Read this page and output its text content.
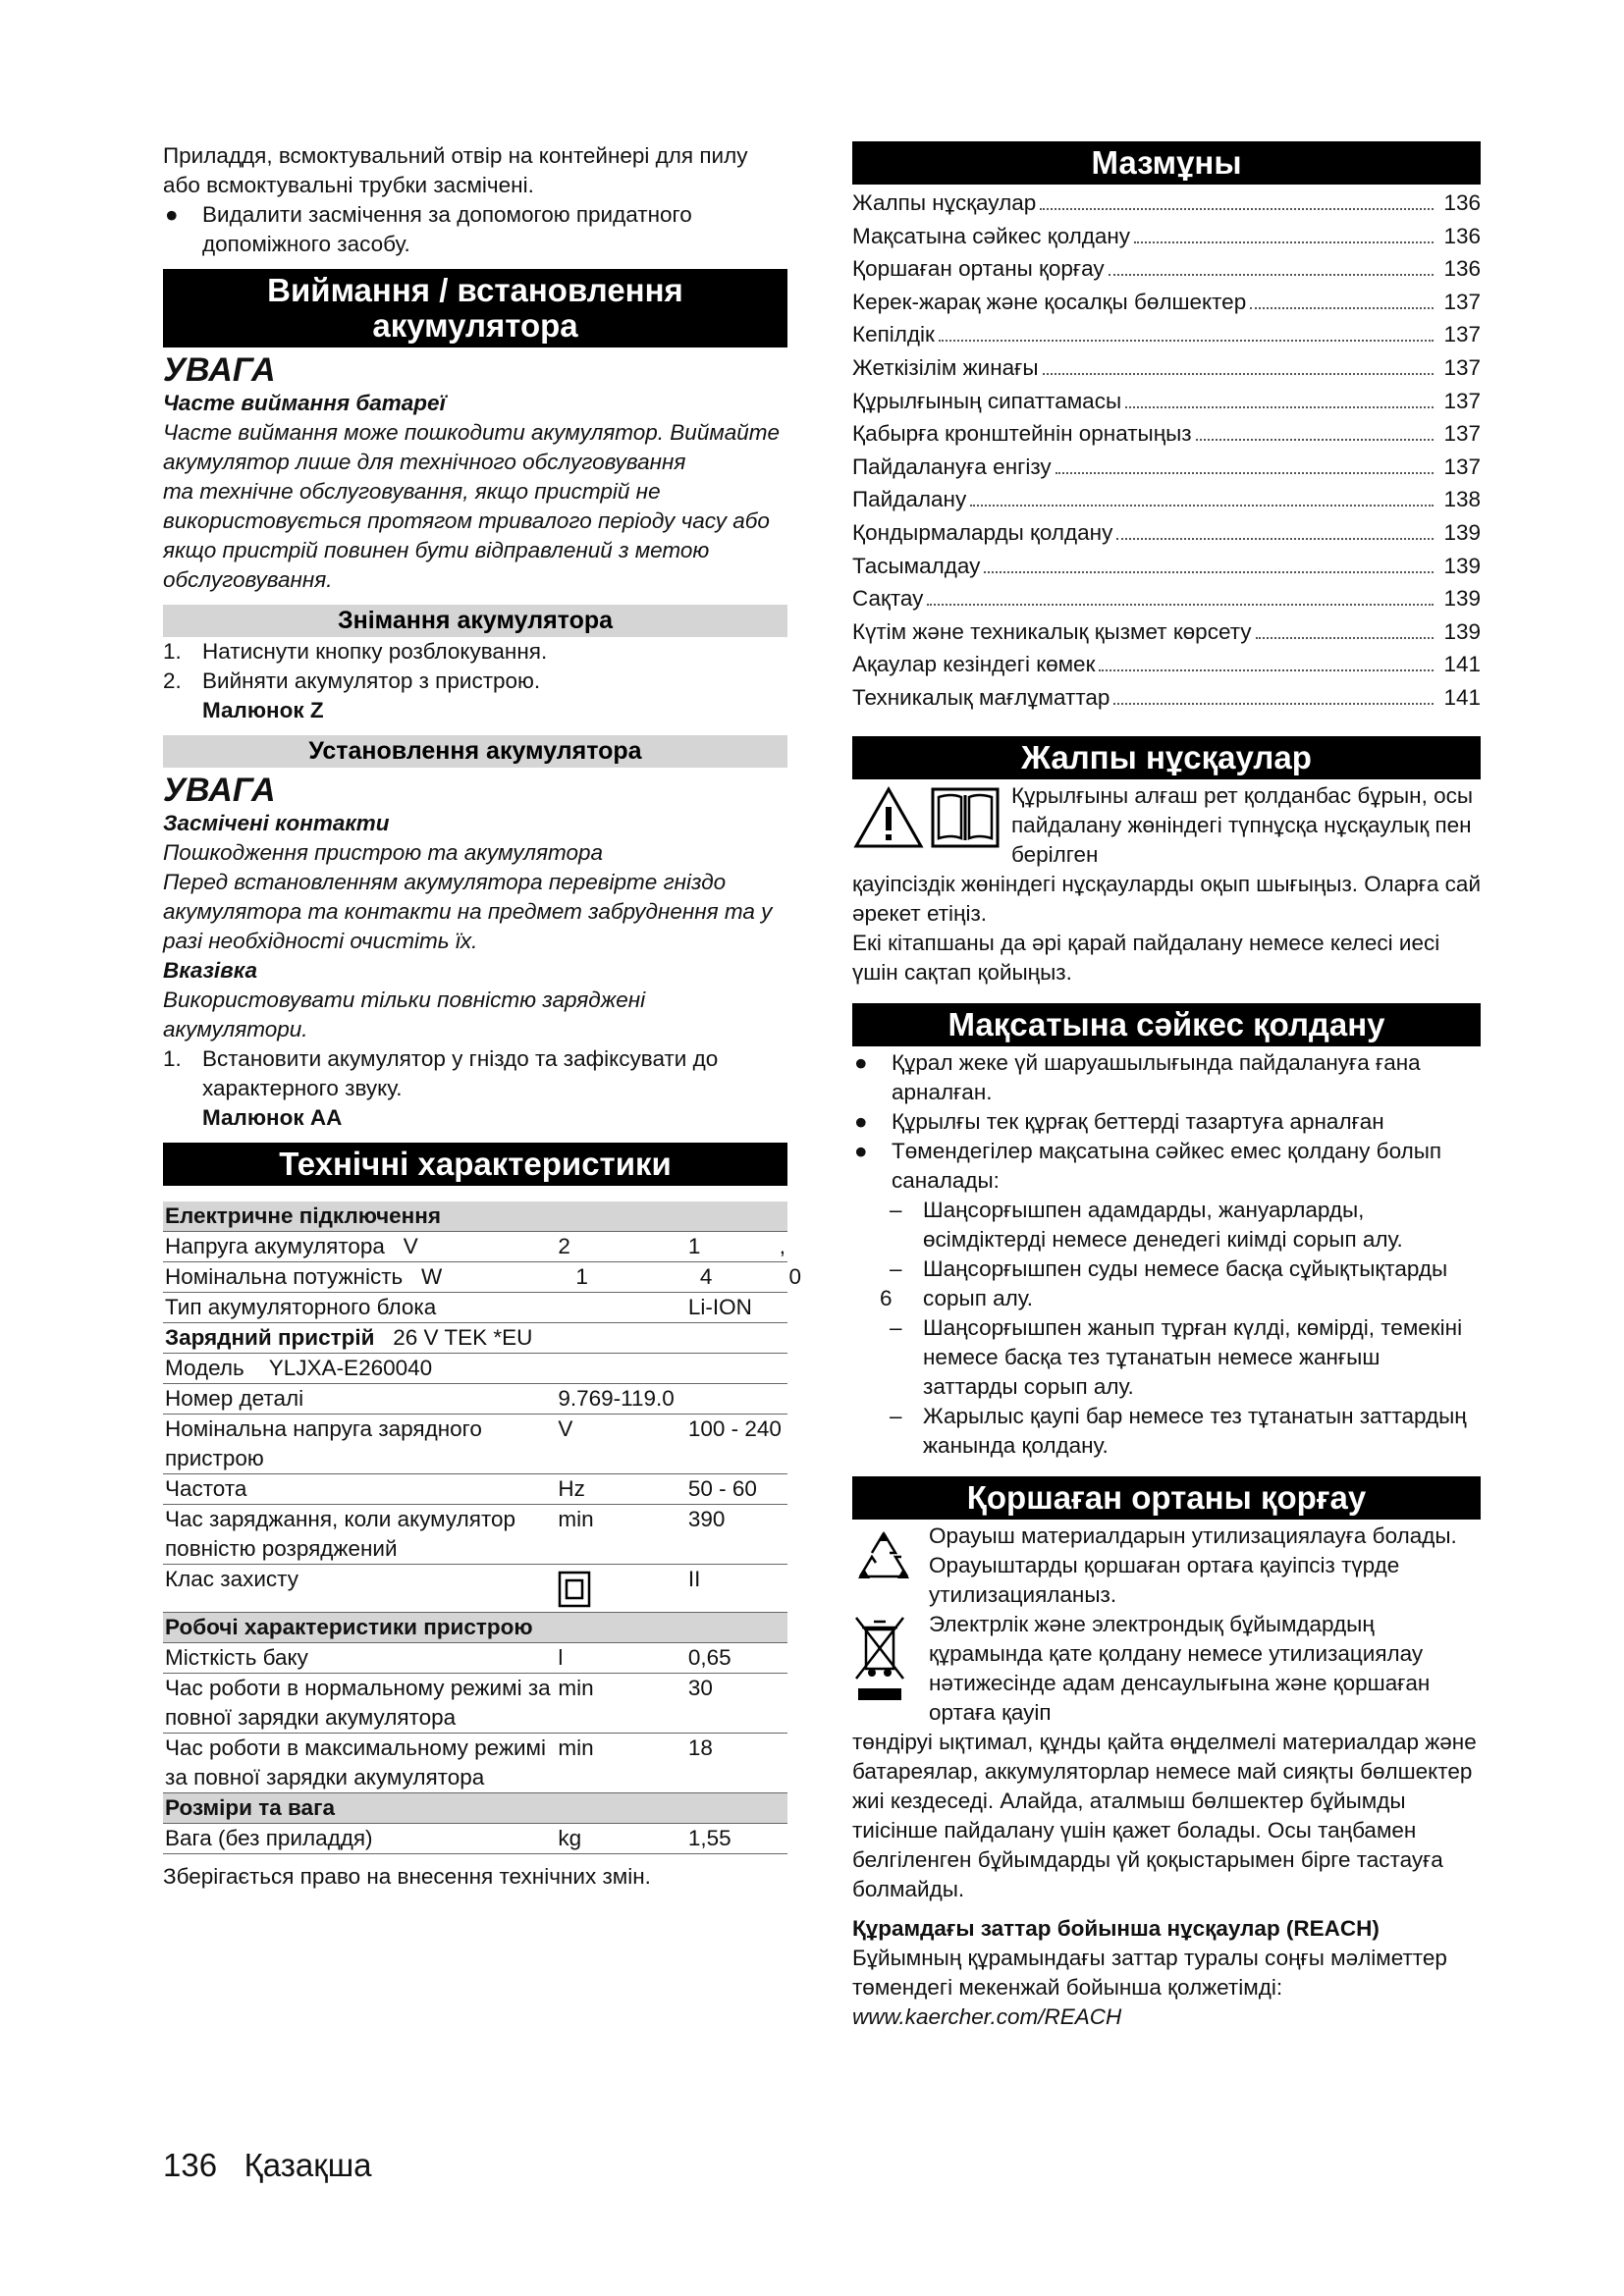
Приладдя, всмоктувальний отвір на контейнері для пилу або всмоктувальні трубки засмічені.

● Видалити засмічення за допомогою придатного допоміжного засобу.
Виймання / встановлення акумулятора
УВАГА
Часте виймання батареї

Часте виймання може пошкодити акумулятор. Виймайте акумулятор лише для технічного обслуговування

та технічне обслуговування, якщо пристрій не використовується протягом тривалого періоду часу або якщо пристрій повинен бути відправлений з метою обслуговування.

Знімання акумулятора
1. Натиснути кнопку розблокування.
2. Вийняти акумулятор з пристрою.
Малюнок Z
Установлення акумулятора
УВАГА
Засмічені контакти

Пошкодження пристрою та акумулятора

Перед встановленням акумулятора перевірте гніздо акумулятора та контакти на предмет забруднення та у разі необхідності очистіть їх.

Вказівка

Використовувати тільки повністю заряджені акумулятори.

1. Встановити акумулятор у гніздо та зафіксувати до характерного звуку.
Малюнок AA
Технічні характеристики
Електричне підключення		
Напруга акумулятора V	2	1 ,

Номінальна потужність W	1	4 0

Тип акумуляторного блока		Li-ION
Зарядний пристрій 26 V TEK *EU		
Модель YLJXA-E260040		
Номер деталі	9.769-119.0	
Номінальна напруга зарядного пристрою	V	100 - 240
Частота	Hz	50 - 60
Час заряджання, коли акумулятор повністю розряджений	min	390
Клас захисту		II
Робочі характеристики пристрою		
Місткість баку	l	0,65
Час роботи в нормальному режимі за повної зарядки акумулятора	min	30
Час роботи в максимальному режимі за повної зарядки акумулятора	min	18
Розміри та вага		
Вага (без приладдя)	kg	1,55

Зберігається право на внесення технічних змін.

Мазмұны
Жалпы нұсқаулар	136
Мақсатына сәйкес қолдану	136
Қоршаған ортаны қорғау	136
Керек-жарақ және қосалқы бөлшектер	137
Кепілдік	137
Жеткізілім жинағы	137
Құрылғының сипаттамасы	137
Қабырға кронштейнін орнатыңыз	137
Пайдалануға енгізу	137
Пайдалану	138
Қондырмаларды қолдану	139
Тасымалдау	139
Сақтау	139
Күтім және техникалық қызмет көрсету	139
Ақаулар кезіндегі көмек	141
Техникалық мағлұматтар	141
Жалпы нұсқаулар

Құрылғыны алғаш рет қолданбас бұрын, осы пайдалану жөніндегі түпнұсқа нұсқаулық пен берілген

қауіпсіздік жөніндегі нұсқауларды оқып шығыңыз. Оларға сай әрекет етіңіз.

Екі кітапшаны да әрі қарай пайдалану немесе келесі иесі үшін сақтап қойыңыз.

Мақсатына сәйкес қолдану
● Құрал жеке үй шаруашылығында пайдалануға ғана арналған.
● Құрылғы тек құрғақ беттерді тазартуға арналған
● Төмендегілер мақсатына сәйкес емес қолдану болып саналады:
– Шаңсорғышпен адамдарды, жануарларды, өсімдіктерді немесе денедегі киімді сорып алу.
– Шаңсорғышпен суды немесе басқа сұйықтықтарды сорып алу.
6
– Шаңсорғышпен жанып тұрған күлді, көмірді, темекіні немесе басқа тез тұтанатын немесе жанғыш заттарды сорып алу.
– Жарылыс қаупі бар немесе тез тұтанатын заттардың жанында қолдану.
Қоршаған ортаны қорғау

Орауыш материалдарын утилизациялауға болады. Орауыштарды қоршаған ортаға қауіпсіз түрде утилизацияланыз.

Электрлік және электрондық бұйымдардың құрамында қате қолдану немесе утилизациялау нәтижесінде адам денсаулығына және қоршаған ортаға қауіп

төндіруі ықтимал, құнды қайта өңделмелі материалдар және батареялар, аккумуляторлар немесе май сияқты бөлшектер жиі кездеседі. Алайда, аталмыш бөлшектер бұйымды тиісінше пайдалану үшін қажет болады. Осы таңбамен белгіленген бұйымдарды үй қоқыстарымен бірге тастауға болмайды.

Құрамдағы заттар бойынша нұсқаулар (REACH)

Бұйымның құрамындағы заттар туралы соңғы мәліметтер төмендегі мекенжай бойынша қолжетімді: www.kaercher.com/REACH

136 Қазақша
